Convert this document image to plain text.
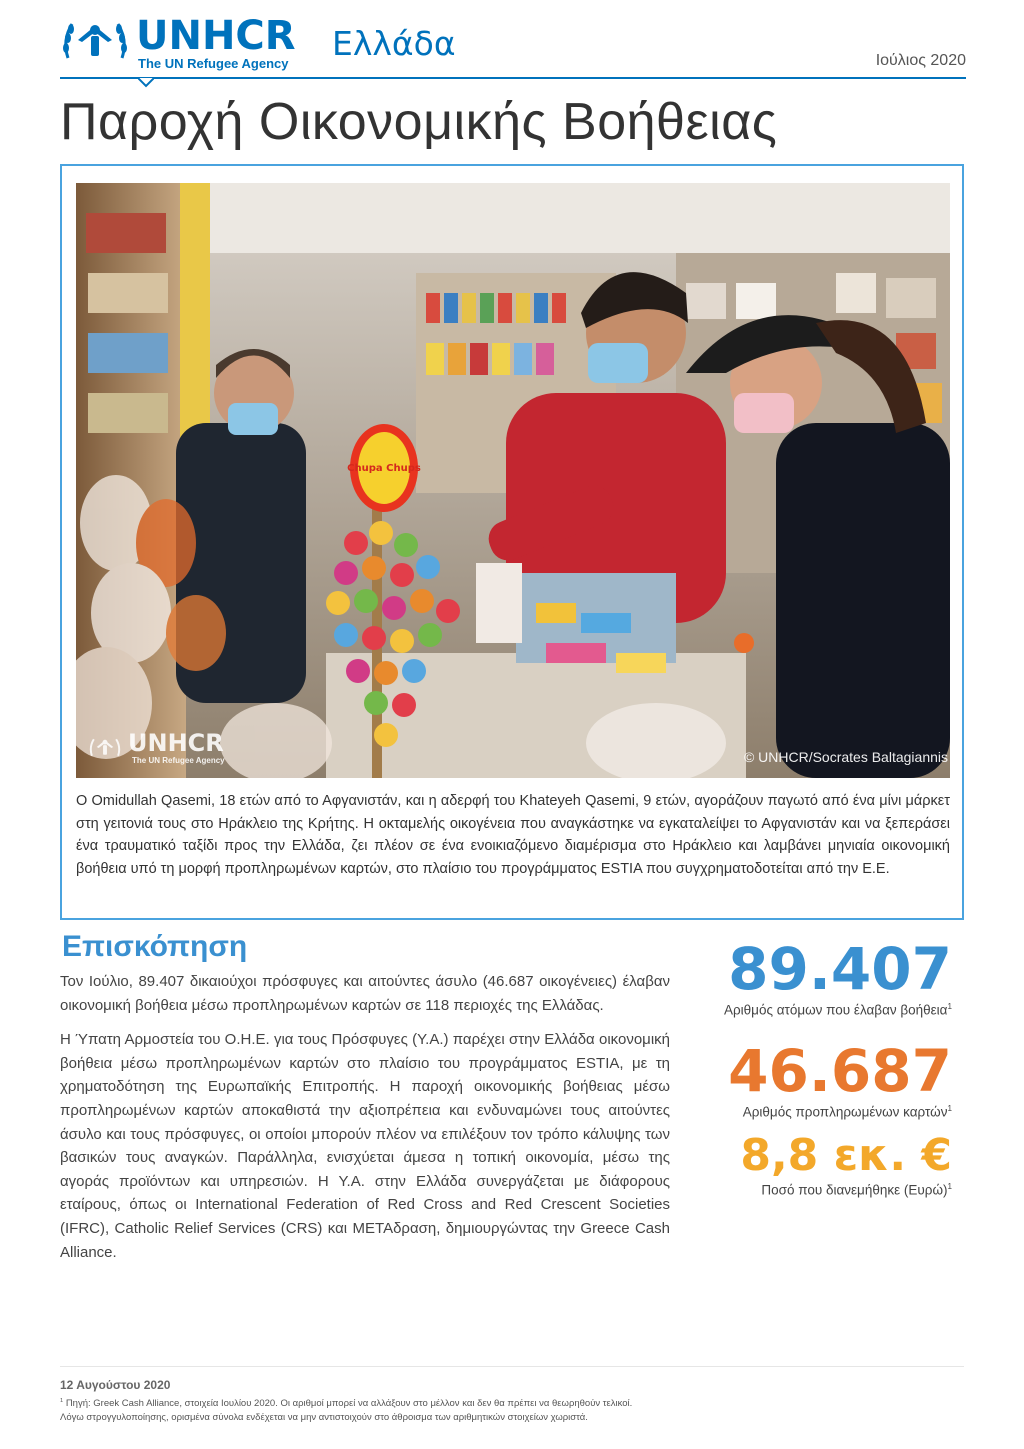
UNHCR
The UN Refugee Agency
Ελλάδα	Ιούλιος 2020
Παροχή Οικονομικής Βοήθειας
Chupa Chups
UNHCR
The UN Refugee Agency	© UNHCR/Socrates Baltagiannis

Ο Omidullah Qasemi, 18 ετών από το Αφγανιστάν, και η αδερφή του Khateyeh Qasemi, 9 ετών, αγοράζουν παγωτό από ένα μίνι μάρκετ στη γειτονιά τους στο Ηράκλειο της Κρήτης. Η οκταμελής οικογένεια που αναγκάστηκε να εγκαταλείψει το Αφγανιστάν και να ξεπεράσει ένα τραυματικό ταξίδι προς την Ελλάδα, ζει πλέον σε ένα ενοικιαζόμενο διαμέρισμα στο Ηράκλειο και λαμβάνει μηνιαία οικονομική βοήθεια υπό τη μορφή προπληρωμένων καρτών, στο πλαίσιο του προγράμματος ESTIA που συγχρηματοδοτείται από την Ε.Ε.

Επισκόπηση

Τον Ιούλιο, 89.407 δικαιούχοι πρόσφυγες και αιτούντες άσυλο (46.687 οικογένειες) έλαβαν οικονομική βοήθεια μέσω προπληρωμένων καρτών σε 118 περιοχές της Ελλάδας.

Η Ύπατη Αρμοστεία του Ο.Η.Ε. για τους Πρόσφυγες (Υ.Α.) παρέχει στην Ελλάδα οικονομική βοήθεια μέσω προπληρωμένων καρτών στο πλαίσιο του προγράμματος ESTIA, με τη χρηματοδότηση της Ευρωπαϊκής Επιτροπής. Η παροχή οικονομικής βοήθειας μέσω προπληρωμένων καρτών αποκαθιστά την αξιοπρέπεια και ενδυναμώνει τους αιτούντες άσυλο και τους πρόσφυγες, οι οποίοι μπορούν πλέον να επιλέξουν τον τρόπο κάλυψης των βασικών τους αναγκών. Παράλληλα, ενισχύεται άμεσα η τοπική οικονομία, μέσω της αγοράς προϊόντων και υπηρεσιών. Η Υ.Α. στην Ελλάδα συνεργάζεται με διάφορους εταίρους, όπως οι International Federation of Red Cross and Red Crescent Societies (IFRC), Catholic Relief Services (CRS) και ΜΕΤΑδραση, δημιουργώντας την Greece Cash Alliance.

89.407
Αριθμός ατόμων που έλαβαν βοήθεια$^1$
46.687
Αριθμός προπληρωμένων καρτών$^1$
8,8 εκ. €
Ποσό που διανεμήθηκε $(E\upsilon\rho ώ)^1$
12 Αυγούστου 2020
$^1$ Πηγή: Greek Cash Alliance, στοιχεία Ιουλίου 2020. Οι αριθμοί μπορεί να αλλάξουν στο μέλλον και δεν θα πρέπει να θεωρηθούν τελικοί.
Λόγω στρογγυλοποίησης, ορισμένα σύνολα ενδέχεται να μην αντιστοιχούν στο άθροισμα των αριθμητικών στοιχείων χωριστά.
